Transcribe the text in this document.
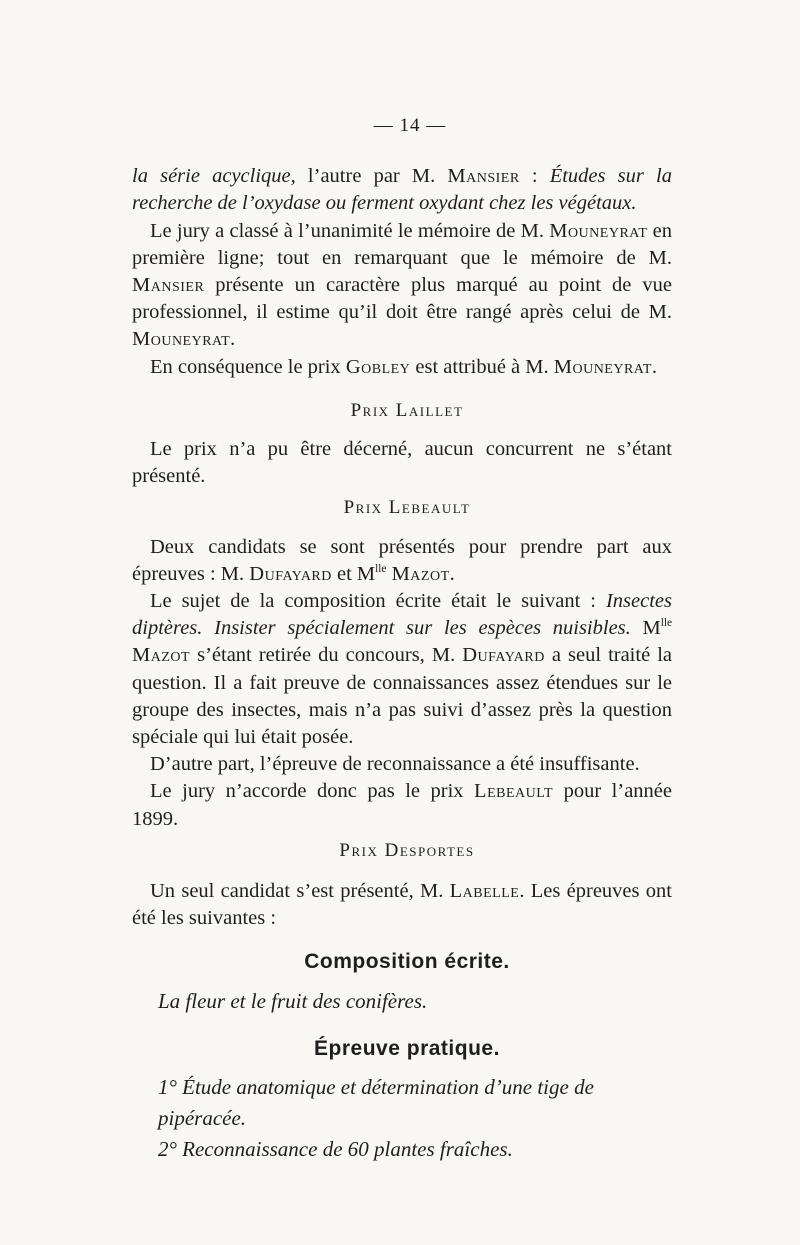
— 14 —

la série acyclique, l’autre par M. Mansier : Études sur la recherche de l’oxydase ou ferment oxydant chez les végétaux.

Le jury a classé à l’unanimité le mémoire de M. Mouneyrat en première ligne; tout en remarquant que le mémoire de M. Mansier présente un caractère plus marqué au point de vue professionnel, il estime qu’il doit être rangé après celui de M. Mouneyrat.

En conséquence le prix Gobley est attribué à M. Mouneyrat.

Prix Laillet

Le prix n’a pu être décerné, aucun concurrent ne s’étant présenté.

Prix Lebeault

Deux candidats se sont présentés pour prendre part aux épreuves : M. Dufayard et $M^{lle}$ Mazot.

Le sujet de la composition écrite était le suivant : Insectes diptères. Insister spécialement sur les espèces nuisibles. $M^{lle}$ Mazot s’étant retirée du concours, M. Dufayard a seul traité la question. Il a fait preuve de connaissances assez étendues sur le groupe des insectes, mais n’a pas suivi d’assez près la question spéciale qui lui était posée.

D’autre part, l’épreuve de reconnaissance a été insuffisante.

Le jury n’accorde donc pas le prix Lebeault pour l’année 1899.

Prix Desportes

Un seul candidat s’est présenté, M. Labelle. Les épreuves ont été les suivantes :

Composition écrite.
La fleur et le fruit des conifères.
Épreuve pratique.
1° Étude anatomique et détermination d’une tige de pipéracée.
2° Reconnaissance de 60 plantes fraîches.
